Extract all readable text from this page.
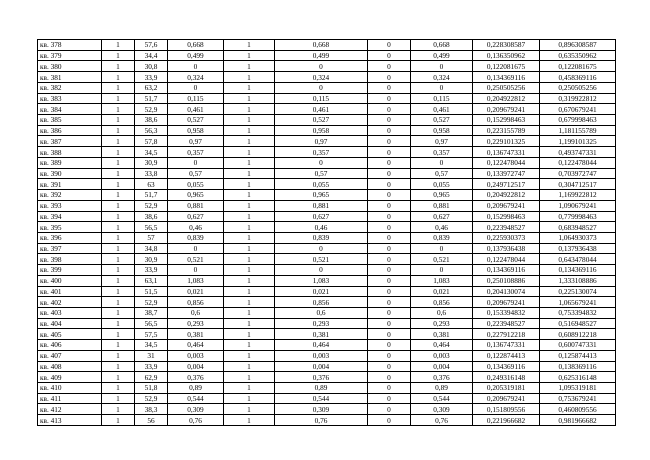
кв. 378	1	57,6	0,668	1	0,668	0	0,668	0,228308587	0,896308587
кв. 379	1	34,4	0,499	1	0,499	0	0,499	0,136350962	0,635350962
кв. 380	1	30,8	0	1	0	0	0	0,122081675	0,122081675
кв. 381	1	33,9	0,324	1	0,324	0	0,324	0,134369116	0,458369116
кв. 382	1	63,2	0	1	0	0	0	0,250505256	0,250505256
кв. 383	1	51,7	0,115	1	0,115	0	0,115	0,204922812	0,319922812
кв. 384	1	52,9	0,461	1	0,461	0	0,461	0,209679241	0,670679241
кв. 385	1	38,6	0,527	1	0,527	0	0,527	0,152998463	0,679998463
кв. 386	1	56,3	0,958	1	0,958	0	0,958	0,223155789	1,181155789
кв. 387	1	57,8	0,97	1	0,97	0	0,97	0,229101325	1,199101325
кв. 388	1	34,5	0,357	1	0,357	0	0,357	0,136747331	0,493747331
кв. 389	1	30,9	0	1	0	0	0	0,122478044	0,122478044
кв. 390	1	33,8	0,57	1	0,57	0	0,57	0,133972747	0,703972747
кв. 391	1	63	0,055	1	0,055	0	0,055	0,249712517	0,304712517
кв. 392	1	51,7	0,965	1	0,965	0	0,965	0,204922812	1,169922812
кв. 393	1	52,9	0,881	1	0,881	0	0,881	0,209679241	1,090679241
кв. 394	1	38,6	0,627	1	0,627	0	0,627	0,152998463	0,779998463
кв. 395	1	56,5	0,46	1	0,46	0	0,46	0,223948527	0,683948527
кв. 396	1	57	0,839	1	0,839	0	0,839	0,225930373	1,064930373
кв. 397	1	34,8	0	1	0	0	0	0,137936438	0,137936438
кв. 398	1	30,9	0,521	1	0,521	0	0,521	0,122478044	0,643478044
кв. 399	1	33,9	0	1	0	0	0	0,134369116	0,134369116
кв. 400	1	63,1	1,083	1	1,083	0	1,083	0,250108886	1,333108886
кв. 401	1	51,5	0,021	1	0,021	0	0,021	0,204130074	0,225130074
кв. 402	1	52,9	0,856	1	0,856	0	0,856	0,209679241	1,065679241
кв. 403	1	38,7	0,6	1	0,6	0	0,6	0,153394832	0,753394832
кв. 404	1	56,5	0,293	1	0,293	0	0,293	0,223948527	0,516948527
кв. 405	1	57,5	0,381	1	0,381	0	0,381	0,227912218	0,608912218
кв. 406	1	34,5	0,464	1	0,464	0	0,464	0,136747331	0,600747331
кв. 407	1	31	0,003	1	0,003	0	0,003	0,122874413	0,125874413
кв. 408	1	33,9	0,004	1	0,004	0	0,004	0,134369116	0,138369116
кв. 409	1	62,9	0,376	1	0,376	0	0,376	0,249316148	0,625316148
кв. 410	1	51,8	0,89	1	0,89	0	0,89	0,205319181	1,095319181
кв. 411	1	52,9	0,544	1	0,544	0	0,544	0,209679241	0,753679241
кв. 412	1	38,3	0,309	1	0,309	0	0,309	0,151809556	0,460809556
кв. 413	1	56	0,76	1	0,76	0	0,76	0,221966682	0,981966682
